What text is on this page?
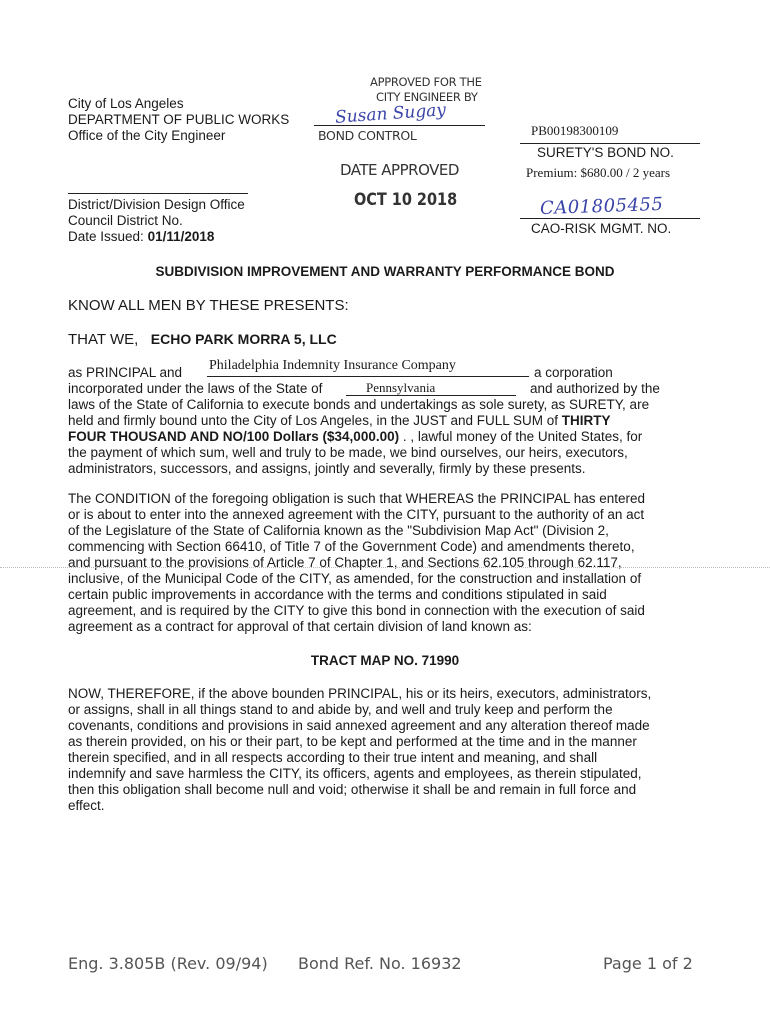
City of Los Angeles
DEPARTMENT OF PUBLIC WORKS
Office of the City Engineer
APPROVED FOR THE
CITY ENGINEER BY
Susan Sugay
BOND CONTROL
DATE APPROVED
OCT 10 2018
PB00198300109
SURETY'S BOND NO.
Premium: $680.00 / 2 years
CA01805455
CAO-RISK MGMT. NO.
District/Division Design Office
Council District No.
Date Issued: 01/11/2018
SUBDIVISION IMPROVEMENT AND WARRANTY PERFORMANCE BOND
KNOW ALL MEN BY THESE PRESENTS:
THAT WE, ECHO PARK MORRA 5, LLC
as PRINCIPAL and Philadelphia Indemnity Insurance Company	a corporation
incorporated under the laws of the State of	Pennsylvania	and authorized by the

laws of the State of California to execute bonds and undertakings as sole surety, as SURETY, are

held and firmly bound unto the City of Los Angeles, in the JUST and FULL SUM of THIRTY

FOUR THOUSAND AND NO/100 Dollars ($34,000.00) . , lawful money of the United States, for

the payment of which sum, well and truly to be made, we bind ourselves, our heirs, executors,

administrators, successors, and assigns, jointly and severally, firmly by these presents.

The CONDITION of the foregoing obligation is such that WHEREAS the PRINCIPAL has entered

or is about to enter into the annexed agreement with the CITY, pursuant to the authority of an act

of the Legislature of the State of California known as the "Subdivision Map Act" (Division 2,

commencing with Section 66410, of Title 7 of the Government Code) and amendments thereto,

and pursuant to the provisions of Article 7 of Chapter 1, and Sections 62.105 through 62.117,

inclusive, of the Municipal Code of the CITY, as amended, for the construction and installation of

certain public improvements in accordance with the terms and conditions stipulated in said

agreement, and is required by the CITY to give this bond in connection with the execution of said

agreement as a contract for approval of that certain division of land known as:

TRACT MAP NO. 71990

NOW, THEREFORE, if the above bounden PRINCIPAL, his or its heirs, executors, administrators,

or assigns, shall in all things stand to and abide by, and well and truly keep and perform the

covenants, conditions and provisions in said annexed agreement and any alteration thereof made

as therein provided, on his or their part, to be kept and performed at the time and in the manner

therein specified, and in all respects according to their true intent and meaning, and shall

indemnify and save harmless the CITY, its officers, agents and employees, as therein stipulated,

then this obligation shall become null and void; otherwise it shall be and remain in full force and

effect.

Eng. 3.805B (Rev. 09/94) Bond Ref. No. 16932	Page 1 of 2
